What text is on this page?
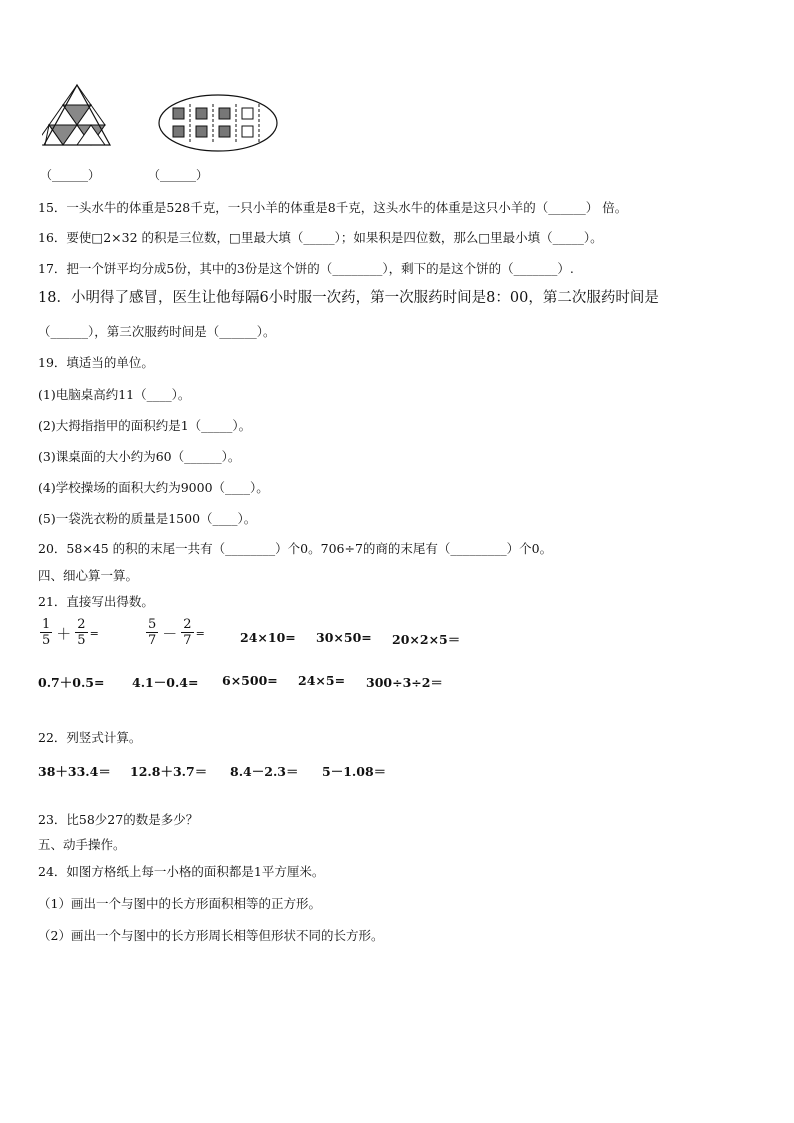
（______）	（______）
15．一头水牛的体重是528千克，一只小羊的体重是8千克，这头水牛的体重是这只小羊的（______） 倍。
16．要使□2×32 的积是三位数，□里最大填（_____）；如果积是四位数，那么□里最小填（_____）。
17．把一个饼平均分成5份，其中的3份是这个饼的（________），剩下的是这个饼的（_______）.
18．小明得了感冒，医生让他每隔6小时服一次药，第一次服药时间是8：00，第二次服药时间是
（______），第三次服药时间是（______）。
19．填适当的单位。
(1)电脑桌高约11（____）。
(2)大拇指指甲的面积约是1（_____）。
(3)课桌面的大小约为60（______）。
(4)学校操场的面积大约为9000（____）。
(5)一袋洗衣粉的质量是1500（____）。
20．58×45 的积的末尾一共有（________）个0。706÷7的商的末尾有（_________）个0。
四、细心算一算。
21．直接写出得数。
$\frac{1}{5} + \frac{2}{5}$ =	$\frac{5}{7} - \frac{2}{7}$ =	24×10= 30×50= 20×2×5＝
0.7＋0.5= 4.1－0.4= 6×500= 24×5= 300÷3÷2＝
22．列竖式计算。
38＋33.4＝ 12.8＋3.7＝ 8.4－2.3＝ 5－1.08＝
23．比58少27的数是多少？
五、动手操作。
24．如图方格纸上每一小格的面积都是1平方厘米。
（1）画出一个与图中的长方形面积相等的正方形。
（2）画出一个与图中的长方形周长相等但形状不同的长方形。
